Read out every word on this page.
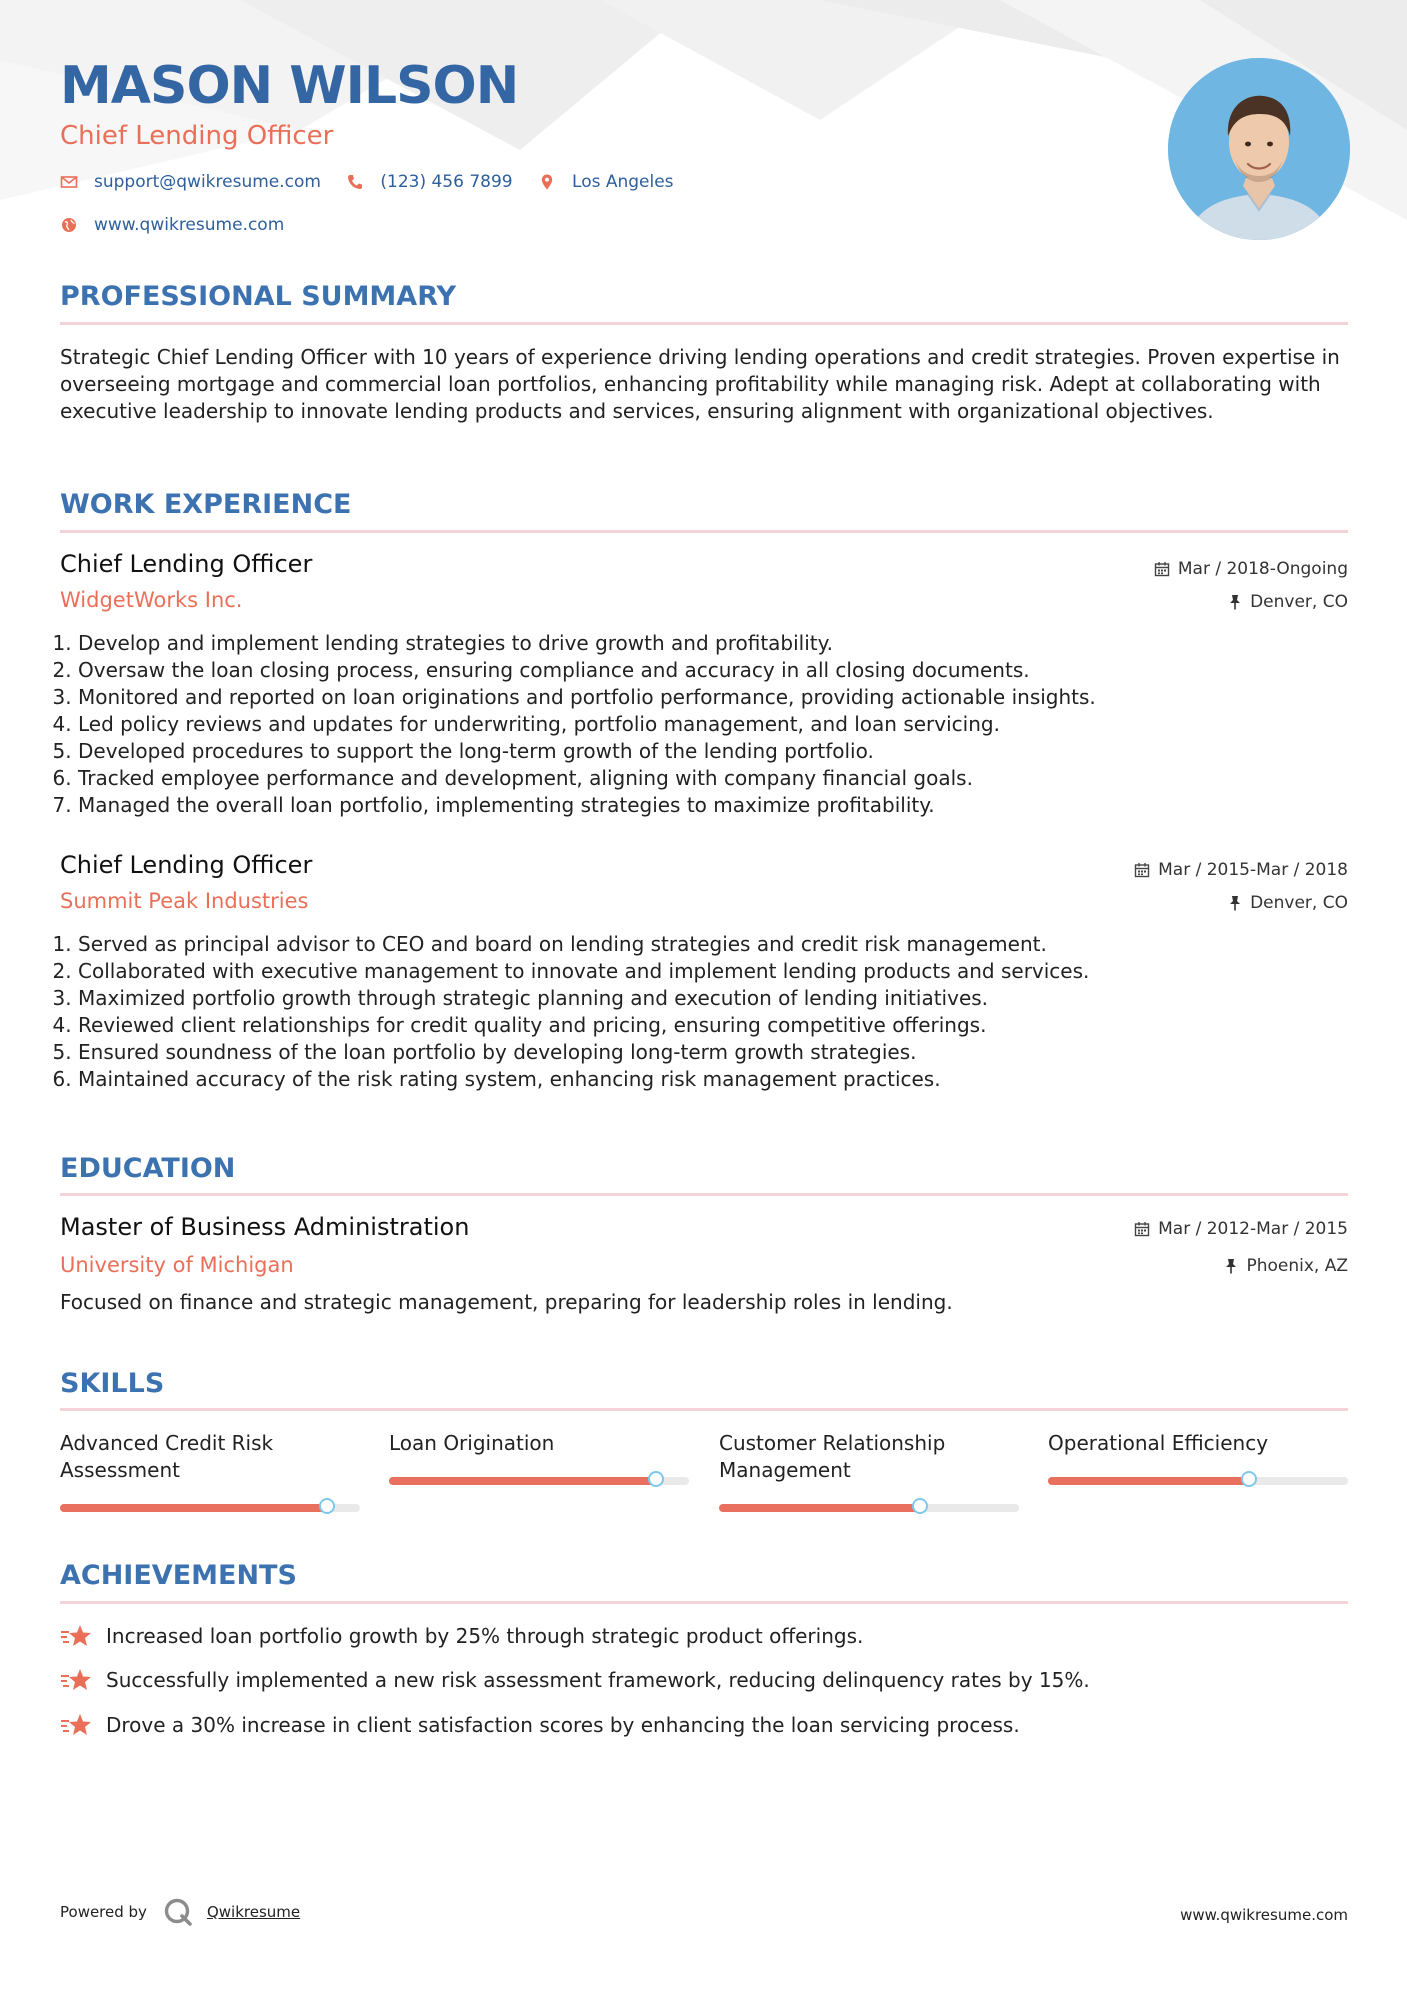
MASON WILSON
Chief Lending Officer
support@qwikresume.com
	(123) 456 7899
	Los Angeles
www.qwikresume.com
PROFESSIONAL SUMMARY

Strategic Chief Lending Officer with 10 years of experience driving lending operations and credit strategies. Proven expertise in overseeing mortgage and commercial loan portfolios, enhancing profitability while managing risk. Adept at collaborating with executive leadership to innovate lending products and services, ensuring alignment with organizational objectives.

WORK EXPERIENCE
Chief Lending Officer	Mar / 2018-Ongoing
WidgetWorks Inc.	Denver, CO
1. Develop and implement lending strategies to drive growth and profitability.
2. Oversaw the loan closing process, ensuring compliance and accuracy in all closing documents.
3. Monitored and reported on loan originations and portfolio performance, providing actionable insights.
4. Led policy reviews and updates for underwriting, portfolio management, and loan servicing.
5. Developed procedures to support the long-term growth of the lending portfolio.
6. Tracked employee performance and development, aligning with company financial goals.
7. Managed the overall loan portfolio, implementing strategies to maximize profitability.
Chief Lending Officer	Mar / 2015-Mar / 2018
Summit Peak Industries	Denver, CO
1. Served as principal advisor to CEO and board on lending strategies and credit risk management.
2. Collaborated with executive management to innovate and implement lending products and services.
3. Maximized portfolio growth through strategic planning and execution of lending initiatives.
4. Reviewed client relationships for credit quality and pricing, ensuring competitive offerings.
5. Ensured soundness of the loan portfolio by developing long-term growth strategies.
6. Maintained accuracy of the risk rating system, enhancing risk management practices.
EDUCATION
Master of Business Administration	Mar / 2012-Mar / 2015
University of Michigan	Phoenix, AZ

Focused on finance and strategic management, preparing for leadership roles in lending.

SKILLS
Advanced Credit Risk Assessment
Loan Origination	Customer Relationship Management
Operational Efficiency
ACHIEVEMENTS
Increased loan portfolio growth by 25% through strategic product offerings.
Successfully implemented a new risk assessment framework, reducing delinquency rates by 15%.
Drove a 30% increase in client satisfaction scores by enhancing the loan servicing process.
Powered by	Qwikresume	www.qwikresume.com
